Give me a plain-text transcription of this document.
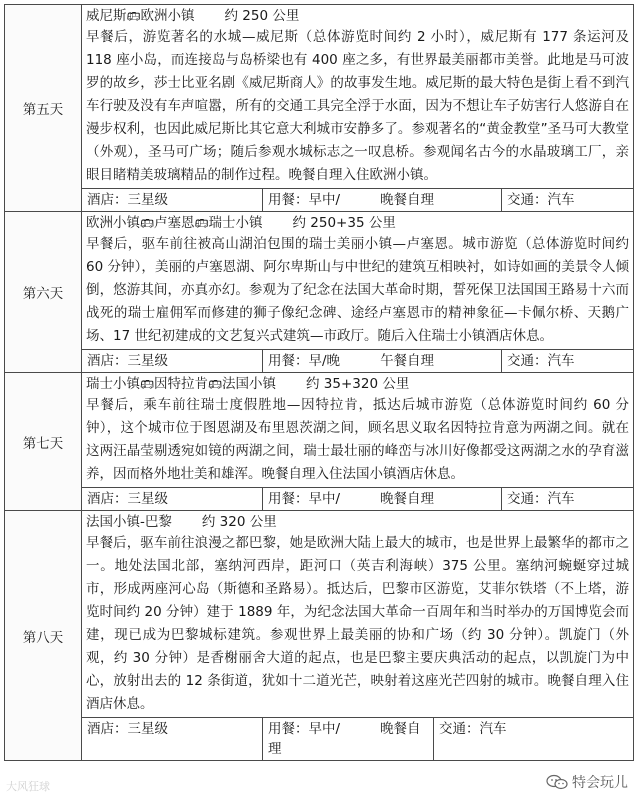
第五天	威尼斯🚌︎欧洲小镇 约 250 公里
早餐后，游览著名的水城—威尼斯（总体游览时间约 2 小时），威尼斯有 177 条运河及 118 座小岛，而连接岛与岛桥梁也有 400 座之多，有世界最美丽都市美誉。此地是马可波罗的故乡，莎士比亚名剧《威尼斯商人》的故事发生地。威尼斯的最大特色是街上看不到汽车行驶及没有车声喧嚣，所有的交通工具完全浮于水面，因为不想让车子妨害行人悠游自在漫步权利，也因此威尼斯比其它意大利城市安静多了。参观著名的“黄金教堂”圣马可大教堂（外观），圣马可广场；随后参观水城标志之一叹息桥。参观闻名古今的水晶玻璃工厂，亲眼目睹精美玻璃精品的制作过程。晚餐自理入住欧洲小镇。
酒店：三星级 用餐：早中/ 晚餐自理 交通：汽车

第六天	欧洲小镇🚌︎卢塞恩🚌︎瑞士小镇 约 250+35 公里
早餐后，驱车前往被高山湖泊包围的瑞士美丽小镇—卢塞恩。城市游览（总体游览时间约 60 分钟），美丽的卢塞恩湖、阿尔卑斯山与中世纪的建筑互相映衬，如诗如画的美景令人倾倒，悠游其间，亦真亦幻。参观为了纪念在法国大革命时期，誓死保卫法国国王路易十六而战死的瑞士雇佣军而修建的狮子像纪念碑、途经卢塞恩市的精神象征—卡佩尔桥、天鹅广场、17 世纪初建成的文艺复兴式建筑—市政厅。随后入住瑞士小镇酒店休息。
酒店：三星级 用餐：早/晚 午餐自理 交通：汽车

第七天	瑞士小镇🚌︎因特拉肯🚌︎法国小镇 约 35+320 公里
早餐后，乘车前往瑞士度假胜地—因特拉肯，抵达后城市游览（总体游览时间约 60 分钟），这个城市位于图恩湖及布里恩茨湖之间，顾名思义取名因特拉肯意为两湖之间。就在这两汪晶莹剔透宛如镜的两湖之间，瑞士最壮丽的峰峦与冰川好像都受这两湖之水的孕育滋养，因而格外地壮美和雄浑。晚餐自理入住法国小镇酒店休息。
酒店：三星级 用餐：早中/ 晚餐自理 交通：汽车

第八天	法国小镇-巴黎 约 320 公里
早餐后，驱车前往浪漫之都巴黎，她是欧洲大陆上最大的城市，也是世界上最繁华的都市之一。地处法国北部，塞纳河西岸，距河口（英吉利海峡）375 公里。塞纳河蜿蜒穿过城市，形成两座河心岛（斯德和圣路易）。抵达后，巴黎市区游览，艾菲尔铁塔（不上塔，游览时间约 20 分钟）建于 1889 年，为纪念法国大革命一百周年和当时举办的万国博览会而建，现已成为巴黎城标建筑。参观世界上最美丽的协和广场（约 30 分钟）。凯旋门（外观，约 30 分钟）是香榭丽舍大道的起点，也是巴黎主要庆典活动的起点，以凯旋门为中心，放射出去的 12 条街道，犹如十二道光芒，映射着这座光芒四射的城市。晚餐自理入住酒店休息。
酒店：三星级 用餐：早中/ 晚餐自理
交通：汽车
大风狂球	特会玩儿
